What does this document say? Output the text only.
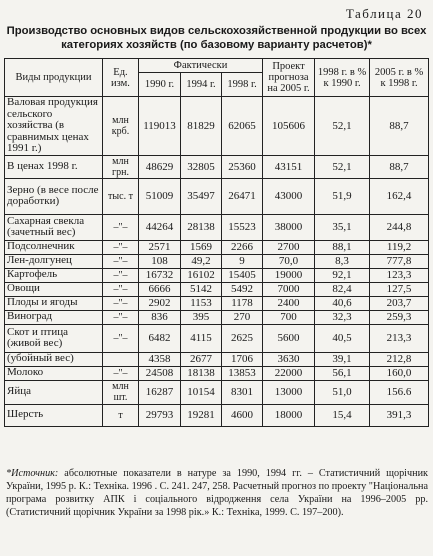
Таблица 20
Производство основных видов сельскохозяйственной продукции во всех категориях хозяйств (по базовому варианту расчетов)*
Виды продукции	Ед. изм.	Фактически			Проект прогноза на 2005 г.	1998 г. в % к 1990 г.	2005 г. в % к 1998 г.
		1990 г.	1994 г.	1998 г.			
Валовая продукция сельского хозяйства (в сравнимых ценах 1991 г.)	млн крб.	119013	81829	62065	105606	52,1	88,7
В ценах 1998 г.	млн грн.	48629	32805	25360	43151	52,1	88,7
Зерно (в весе после доработки)	тыс. т	51009	35497	26471	43000	51,9	162,4
Сахарная свекла (зачетный вес)	–"–	44264	28138	15523	38000	35,1	244,8
Подсолнечник	–"–	2571	1569	2266	2700	88,1	119,2
Лен-долгунец	–"–	108	49,2	9	70,0	8,3	777,8
Картофель	–"–	16732	16102	15405	19000	92,1	123,3
Овощи	–"–	6666	5142	5492	7000	82,4	127,5
Плоды и ягоды	–"–	2902	1153	1178	2400	40,6	203,7
Виноград	–"–	836	395	270	700	32,3	259,3
Скот и птица (живой вес)	–"–	6482	4115	2625	5600	40,5	213,3
(убойный вес)		4358	2677	1706	3630	39,1	212,8
Молоко	–"–	24508	18138	13853	22000	56,1	160,0
Яйца	млн шт.	16287	10154	8301	13000	51,0	156.6
Шерсть	т	29793	19281	4600	18000	15,4	391,3
*Источник: абсолютные показатели в натуре за 1990, 1994 гг. – Статистичний щорічник України, 1995 р. К.: Техніка. 1996 . С. 241. 247, 258. Расчетный прогноз по проекту "Національна програма розвитку АПК і соціального відродження села України на 1996–2005 рр. (Статистичний щорічник України за 1998 рік.» К.: Техніка, 1999. С. 197–200).
